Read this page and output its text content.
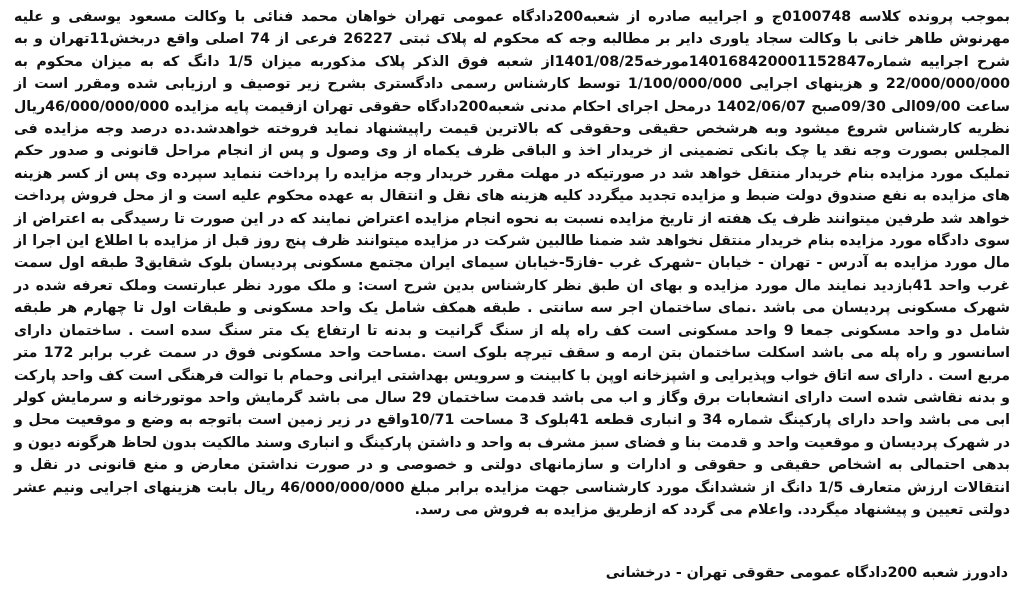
بموجب پرونده کلاسه 0100748ج و اجراییه صادره از شعبه200دادگاه عمومی تهران خواهان محمد فنائی با وکالت مسعود یوسفی و علیه مهرنوش طاهر خانی با وکالت سجاد یاوری دایر بر مطالبه وجه که محکوم له پلاک ثبتی 26227 فرعی از 74 اصلی واقع دربخش11تهران و به شرح اجراییه شماره140168420001152847مورخه1401/08/25از شعبه فوق الذکر پلاک مذکوربه میزان 1/5 دانگ که به میزان محکوم به 22/000/000/000 و هزینهای اجرایی 1/100/000/000 توسط کارشناس رسمی دادگستری بشرح زیر توصیف و ارزیابی شده ومقرر است از ساعت 09/00الی 09/30صبح 1402/06/07 درمحل اجرای احکام مدنی شعبه200دادگاه حقوقی تهران ازقیمت پایه مزایده 46/000/000/000ریال نظریه کارشناس شروع میشود وبه هرشخص حقیقی وحقوقی که بالاترین قیمت راپیشنهاد نماید فروخته خواهدشد.ده درصد وجه مزایده فی المجلس بصورت وجه نقد یا چک بانکی تضمینی از خریدار اخذ و الباقی ظرف یکماه از وی وصول و پس از انجام مراحل قانونی و صدور حکم تملیک مورد مزایده بنام خریدار منتقل خواهد شد در صورتیکه در مهلت مقرر خریدار وجه مزایده را پرداخت ننماید سپرده وی پس از کسر هزینه های مزایده به نفع صندوق دولت ضبط و مزایده تجدید میگردد کلیه هزینه های نقل و انتقال به عهده محکوم علیه است و از محل فروش پرداخت خواهد شد طرفین میتوانند ظرف یک هفته از تاریخ مزایده نسبت به نحوه انجام مزایده اعتراض نمایند که در این صورت تا رسیدگی به اعتراض از سوی دادگاه مورد مزایده بنام خریدار منتقل نخواهد شد ضمنا طالبین شرکت در مزایده میتوانند ظرف پنج روز قبل از مزایده با اطلاع این اجرا از مال مورد مزایده به آدرس - تهران - خیابان –شهرک غرب -فاز5-خیابان سیمای ایران مجتمع مسکونی پردیسان بلوک شقایق3 طبقه اول سمت غرب واحد 41بازدید نمایند مال مورد مزایده و بهای ان طبق نظر کارشناس بدین شرح است: و ملک مورد نظر عبارتست وملک تعرفه شده در شهرک مسکونی پردیسان می باشد .نمای ساختمان اجر سه سانتی . طبقه همکف شامل یک واحد مسکونی و طبقات اول تا چهارم هر طبقه شامل دو واحد مسکونی جمعا 9 واحد مسکونی است کف راه پله از سنگ گرانیت و بدنه تا ارتفاع یک متر سنگ سده است . ساختمان دارای اسانسور و راه پله می باشد اسکلت ساختمان بتن ارمه و سقف تیرچه بلوک است .مساحت واحد مسکونی فوق در سمت غرب برابر 172 متر مربع است . دارای سه اتاق خواب وپذیرایی و اشپزخانه اوپن با کابینت و سرویس بهداشتی ایرانی وحمام با توالت فرهنگی است کف واحد پارکت و بدنه نقاشی شده است دارای انشعابات برق وگاز و اب می باشد قدمت ساختمان 29 سال می باشد گرمایش واحد موتورخانه و سرمایش کولر ابی می باشد واحد دارای پارکینگ شماره 34 و انباری قطعه 41بلوک 3 مساحت 10/71واقع در زیر زمین است باتوجه به وضع و موقعیت محل و در شهرک پردیسان و موقعیت واحد و قدمت بنا و فضای سبز مشرف به واحد و داشتن پارکینگ و انباری وسند مالکیت بدون لحاظ هرگونه دیون و بدهی احتمالی به اشخاص حقیقی و حقوقی و ادارات و سازمانهای دولتی و خصوصی و در صورت نداشتن معارض و منع قانونی در نقل و انتقالات ارزش متعارف 1/5 دانگ از ششدانگ مورد کارشناسی جهت مزایده برابر مبلغ 46/000/000/000 ریال بابت هزینهای اجرایی ونیم عشر دولتی تعیین و پیشنهاد میگردد. واعلام می گردد که ازطریق مزایده به فروش می رسد.

دادورز شعبه 200دادگاه عمومی حقوقی تهران - درخشانی
